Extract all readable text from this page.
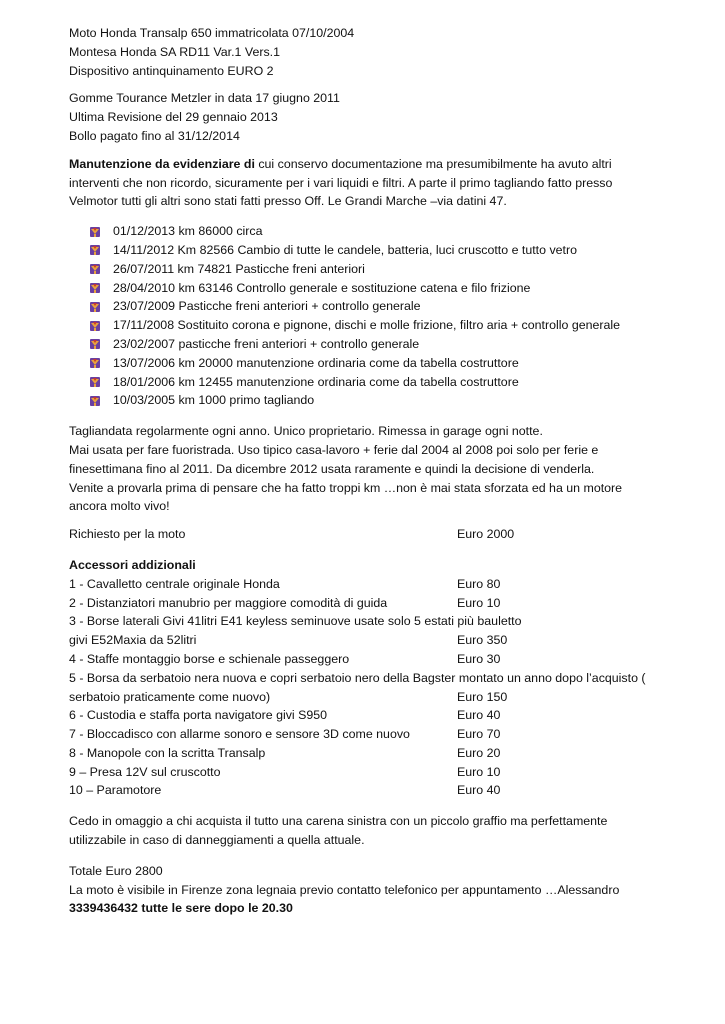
Moto Honda Transalp 650 immatricolata 07/10/2004
Montesa Honda SA RD11 Var.1 Vers.1
Dispositivo antinquinamento EURO 2
Gomme Tourance Metzler in data 17 giugno 2011
Ultima Revisione del 29 gennaio 2013
Bollo pagato fino al 31/12/2014
Manutenzione da evidenziare di cui conservo documentazione ma presumibilmente ha avuto altri
interventi che non ricordo, sicuramente per i vari liquidi e filtri. A parte il primo tagliando fatto presso
Velmotor tutti gli altri sono stati fatti presso Off. Le Grandi Marche –via datini 47.
01/12/2013 km 86000 circa
14/11/2012 Km 82566 Cambio di tutte le candele, batteria, luci cruscotto e tutto vetro
26/07/2011 km 74821 Pasticche freni anteriori
28/04/2010 km 63146 Controllo generale e sostituzione catena e filo frizione
23/07/2009 Pasticche freni anteriori + controllo generale
17/11/2008 Sostituito corona e pignone, dischi e molle frizione, filtro aria + controllo generale
23/02/2007 pasticche freni anteriori + controllo generale
13/07/2006 km 20000 manutenzione ordinaria come da tabella costruttore
18/01/2006 km 12455 manutenzione ordinaria come da tabella costruttore
10/03/2005 km 1000 primo tagliando
Tagliandata regolarmente ogni anno. Unico proprietario. Rimessa in garage ogni notte.
Mai usata per fare fuoristrada. Uso tipico casa-lavoro + ferie dal 2004 al 2008 poi solo per ferie e
finesettimana fino al 2011. Da dicembre 2012 usata raramente e quindi la decisione di venderla.
Venite a provarla prima di pensare che ha fatto troppi km …non è mai stata sforzata ed ha un motore
ancora molto vivo!
Richiesto per la moto	Euro 2000
Accessori addizionali
1 - Cavalletto centrale originale Honda	Euro 80
2 - Distanziatori manubrio per maggiore comodità di guida	Euro 10
3 - Borse laterali Givi 41litri E41 keyless seminuove usate solo 5 estati più bauletto
givi E52Maxia da 52litri	Euro 350
4 - Staffe montaggio borse e schienale passeggero	Euro 30
5 - Borsa da serbatoio nera nuova e copri serbatoio nero della Bagster montato un anno dopo l’acquisto (
serbatoio praticamente come nuovo)	Euro 150
6 - Custodia e staffa porta navigatore givi S950	Euro 40
7 - Bloccadisco con allarme sonoro e sensore 3D come nuovo	Euro 70
8 - Manopole con la scritta Transalp	Euro 20
9 – Presa 12V sul cruscotto	Euro 10
10 – Paramotore	Euro 40
Cedo in omaggio a chi acquista il tutto una carena sinistra con un piccolo graffio ma perfettamente
utilizzabile in caso di danneggiamenti a quella attuale.
Totale Euro 2800
La moto è visibile in Firenze zona legnaia previo contatto telefonico per appuntamento …Alessandro
3339436432 tutte le sere dopo le 20.30
